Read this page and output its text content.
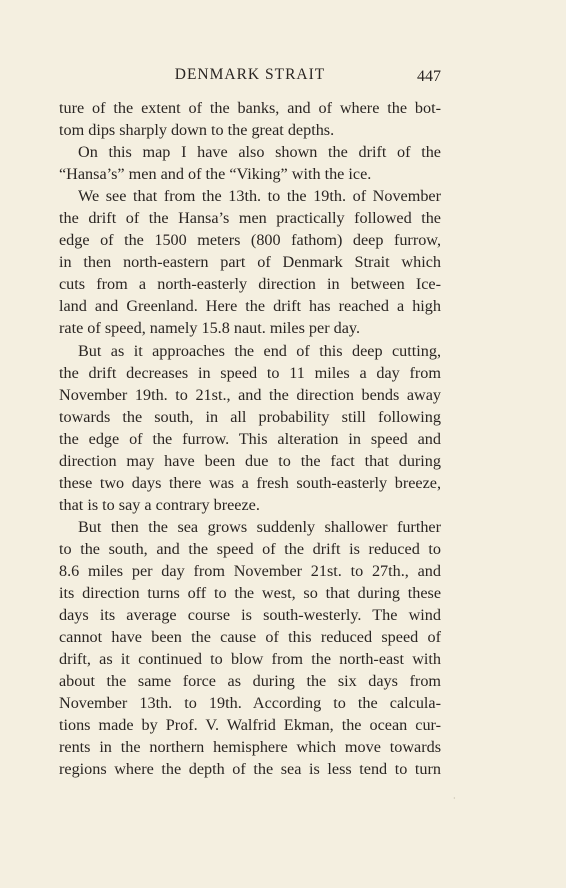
DENMARK STRAIT	447
ture of the extent of the banks, and of where the bot-
tom dips sharply down to the great depths.
On this map I have also shown the drift of the
“Hansa’s” men and of the “Viking” with the ice.
We see that from the 13th. to the 19th. of November
the drift of the Hansa’s men practically followed the
edge of the 1500 meters (800 fathom) deep furrow,
in then north-eastern part of Denmark Strait which
cuts from a north-easterly direction in between Ice-
land and Greenland. Here the drift has reached a high
rate of speed, namely 15.8 naut. miles per day.
But as it approaches the end of this deep cutting,
the drift decreases in speed to 11 miles a day from
November 19th. to 21st., and the direction bends away
towards the south, in all probability still following
the edge of the furrow. This alteration in speed and
direction may have been due to the fact that during
these two days there was a fresh south-easterly breeze,
that is to say a contrary breeze.
But then the sea grows suddenly shallower further
to the south, and the speed of the drift is reduced to
8.6 miles per day from November 21st. to 27th., and
its direction turns off to the west, so that during these
days its average course is south-westerly. The wind
cannot have been the cause of this reduced speed of
drift, as it continued to blow from the north-east with
about the same force as during the six days from
November 13th. to 19th. According to the calcula-
tions made by Prof. V. Walfrid Ekman, the ocean cur-
rents in the northern hemisphere which move towards
regions where the depth of the sea is less tend to turn
·
